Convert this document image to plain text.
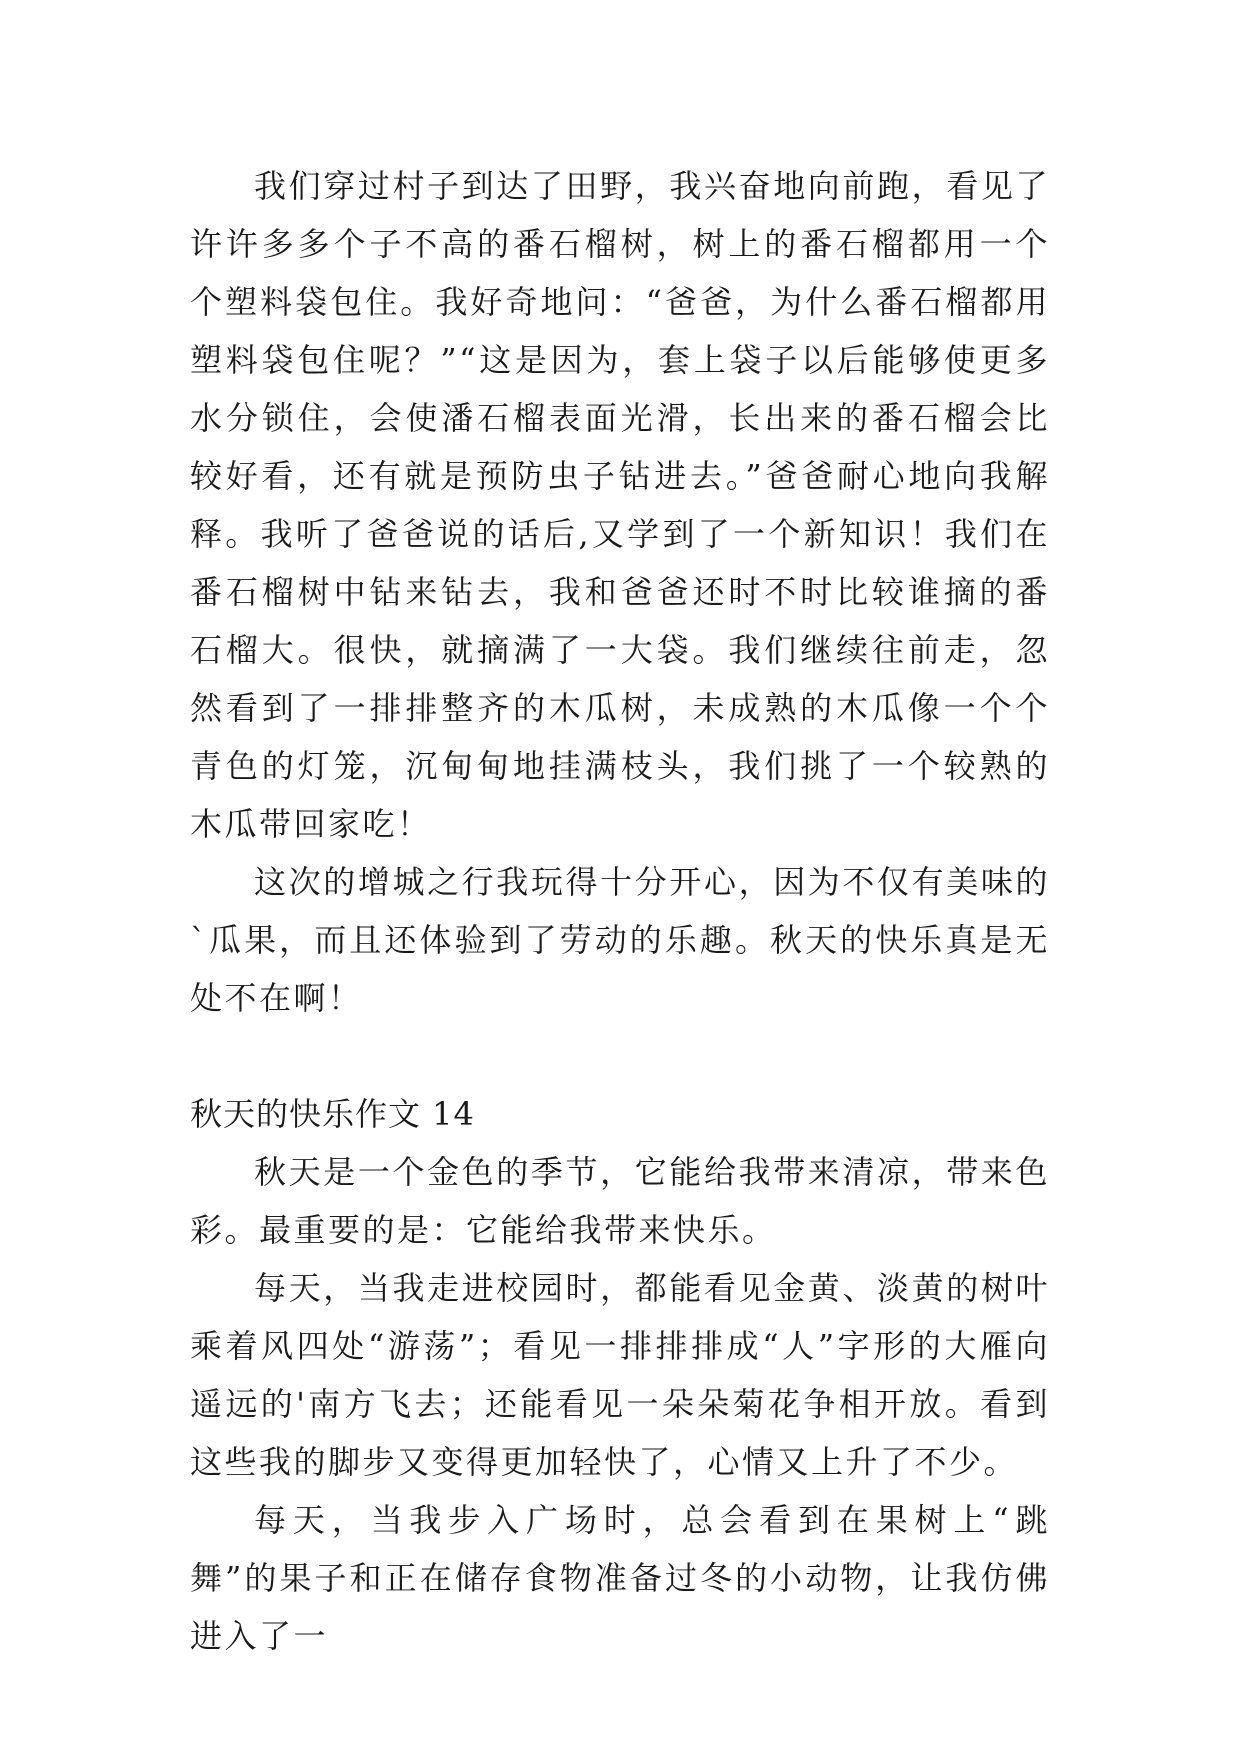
我们穿过村子到达了田野，我兴奋地向前跑，看见了许许多多个子不高的番石榴树，树上的番石榴都用一个个塑料袋包住。我好奇地问：“爸爸，为什么番石榴都用塑料袋包住呢？”“这是因为，套上袋子以后能够使更多水分锁住，会使潘石榴表面光滑，长出来的番石榴会比较好看，还有就是预防虫子钻进去。”爸爸耐心地向我解释。我听了爸爸说的话后,又学到了一个新知识！我们在番石榴树中钻来钻去，我和爸爸还时不时比较谁摘的番石榴大。很快，就摘满了一大袋。我们继续往前走，忽然看到了一排排整齐的木瓜树，未成熟的木瓜像一个个青色的灯笼，沉甸甸地挂满枝头，我们挑了一个较熟的木瓜带回家吃！

这次的增城之行我玩得十分开心，因为不仅有美味的`瓜果，而且还体验到了劳动的乐趣。秋天的快乐真是无处不在啊！

秋天的快乐作文 14

秋天是一个金色的季节，它能给我带来清凉，带来色彩。最重要的是：它能给我带来快乐。

每天，当我走进校园时，都能看见金黄、淡黄的树叶乘着风四处“游荡”；看见一排排排成“人”字形的大雁向遥远的'南方飞去；还能看见一朵朵菊花争相开放。看到这些我的脚步又变得更加轻快了，心情又上升了不少。

每天，当我步入广场时，总会看到在果树上“跳舞”的果子和正在储存食物准备过冬的小动物，让我仿佛进入了一
